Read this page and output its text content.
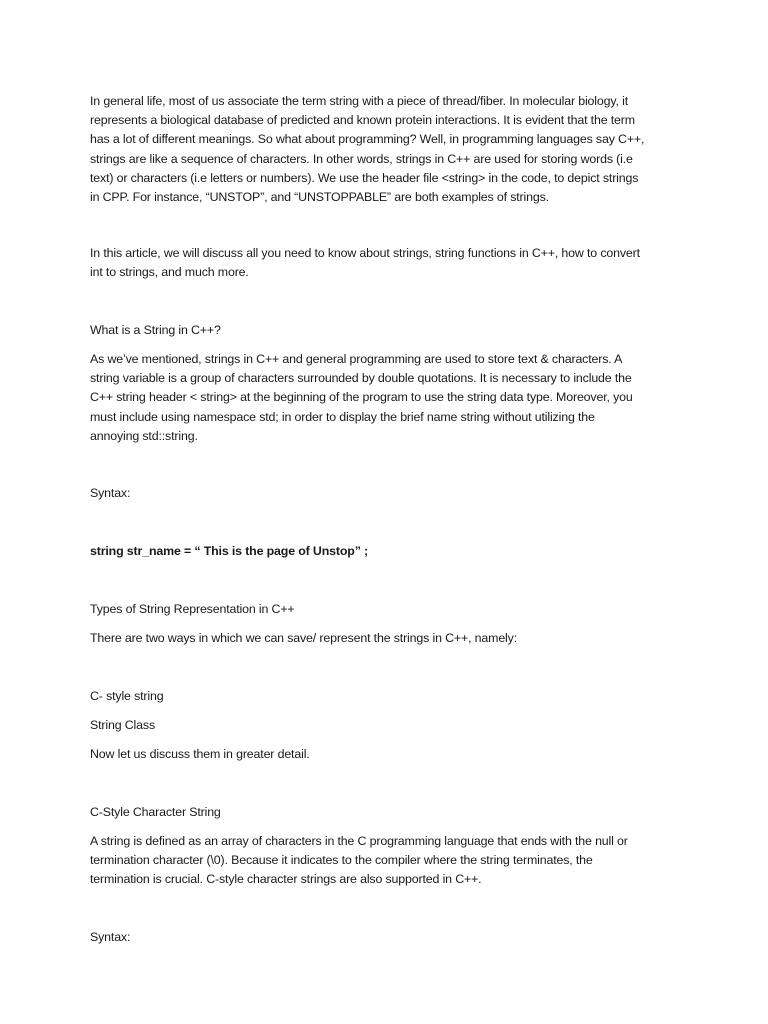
In general life, most of us associate the term string with a piece of thread/fiber. In molecular biology, it
represents a biological database of predicted and known protein interactions. It is evident that the term
has a lot of different meanings. So what about programming? Well, in programming languages say C++,
strings are like a sequence of characters. In other words, strings in C++ are used for storing words (i.e
text) or characters (i.e letters or numbers). We use the header file <string> in the code, to depict strings
in CPP. For instance, “UNSTOP”, and “UNSTOPPABLE” are both examples of strings.

In this article, we will discuss all you need to know about strings, string functions in C++, how to convert
int to strings, and much more.

What is a String in C++?

As we’ve mentioned, strings in C++ and general programming are used to store text & characters. A
string variable is a group of characters surrounded by double quotations. It is necessary to include the
C++ string header < string> at the beginning of the program to use the string data type. Moreover, you
must include using namespace std; in order to display the brief name string without utilizing the
annoying std::string.

Syntax:

string str_name = “ This is the page of Unstop” ;

Types of String Representation in C++

There are two ways in which we can save/ represent the strings in C++, namely:

C- style string

String Class

Now let us discuss them in greater detail.

C-Style Character String

A string is defined as an array of characters in the C programming language that ends with the null or
termination character (\0). Because it indicates to the compiler where the string terminates, the
termination is crucial. C-style character strings are also supported in C++.

Syntax:
